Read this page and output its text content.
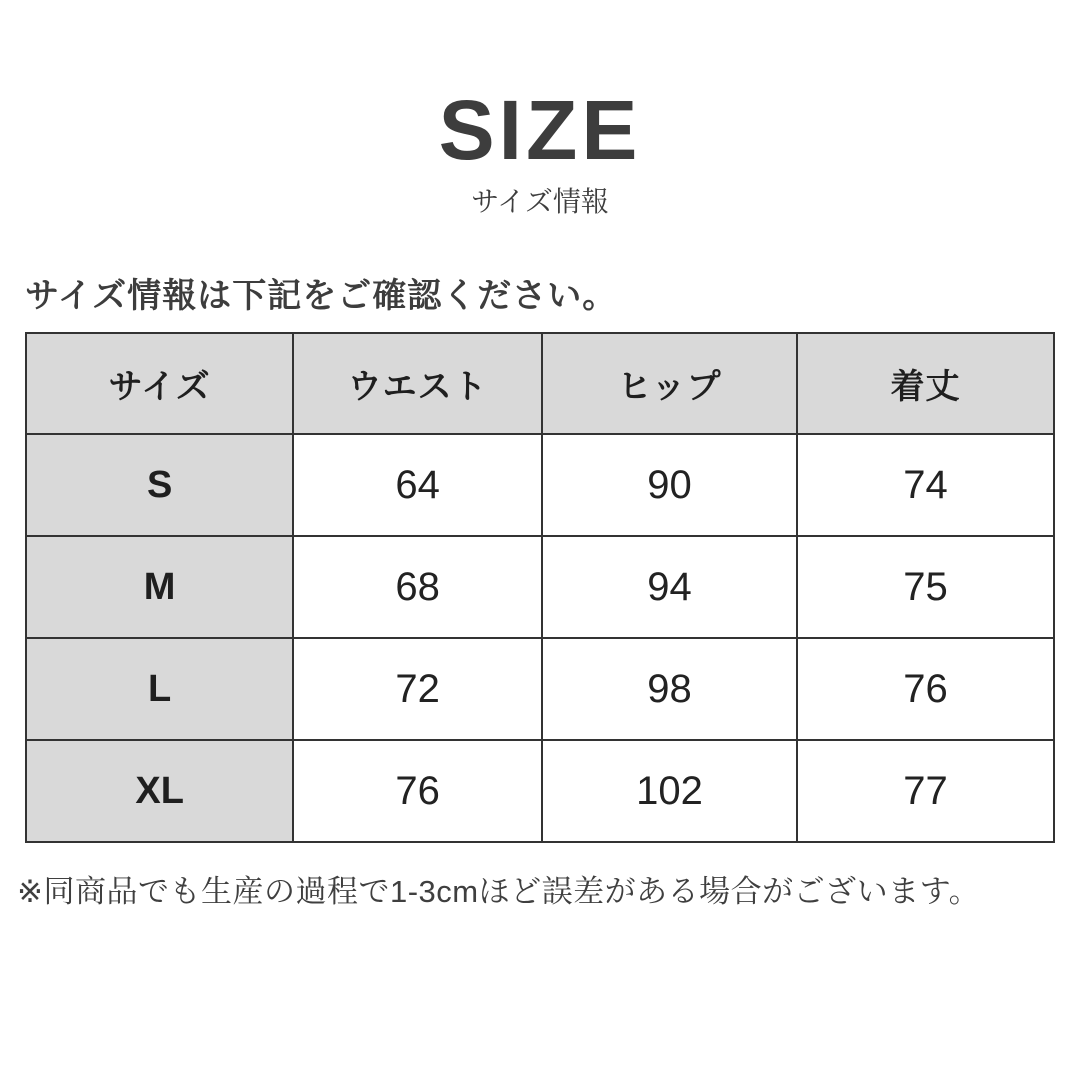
SIZE
サイズ情報
サイズ情報は下記をご確認ください。
サイズ	ウエスト	ヒップ	着丈
S	64	90	74
M	68	94	75
L	72	98	76
XL	76	102	77
※同商品でも生産の過程で1-3cmほど誤差がある場合がございます。
